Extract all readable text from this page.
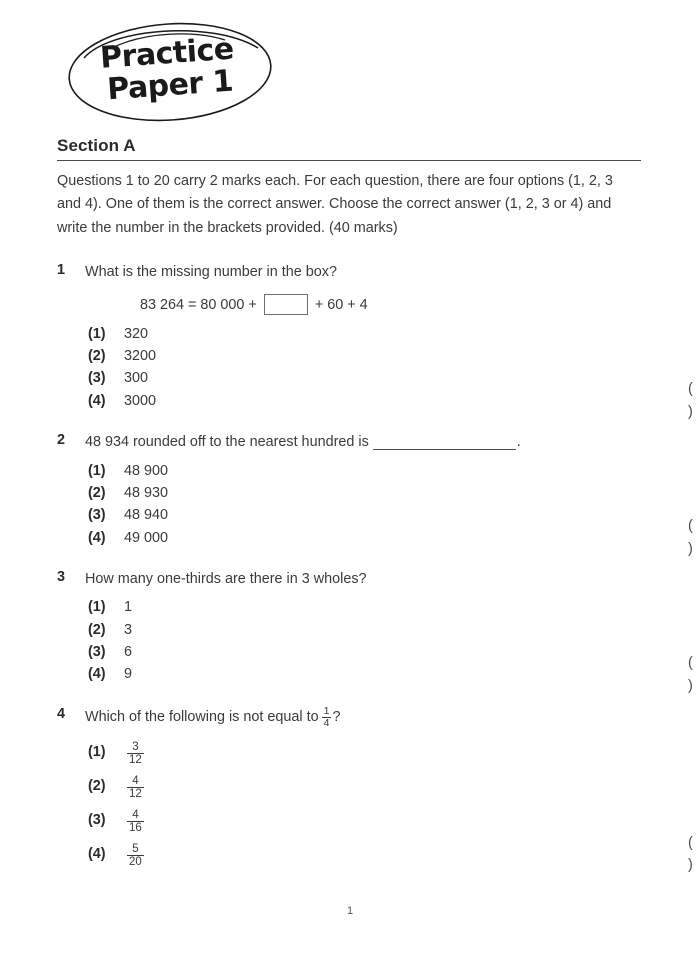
Practice
Paper 1
Section A
Questions 1 to 20 carry 2 marks each. For each question, there are four options (1, 2, 3 and 4). One of them is the correct answer. Choose the correct answer (1, 2, 3 or 4) and write the number in the brackets provided. (40 marks)
1 What is the missing number in the box?
83 264 = 80 000 +	+ 60 + 4
(1)	320
(2)	3200
(3)	300
(4)	3000
( )
2 48 934 rounded off to the nearest hundred is	.
(1)	48 900
(2)	48 930
(3)	48 940
(4)	49 000
( )
3 How many one-thirds are there in 3 wholes?
(1)	1
(2)	3
(3)	6
(4)	9
( )
4 Which of the following is not equal to $\frac{1}{4}$ ?
(1)	$\frac{3}{12}$
(2)	$\frac{4}{12}$
(3)	$\frac{4}{16}$
(4)	$\frac{5}{20}$	( )
1
